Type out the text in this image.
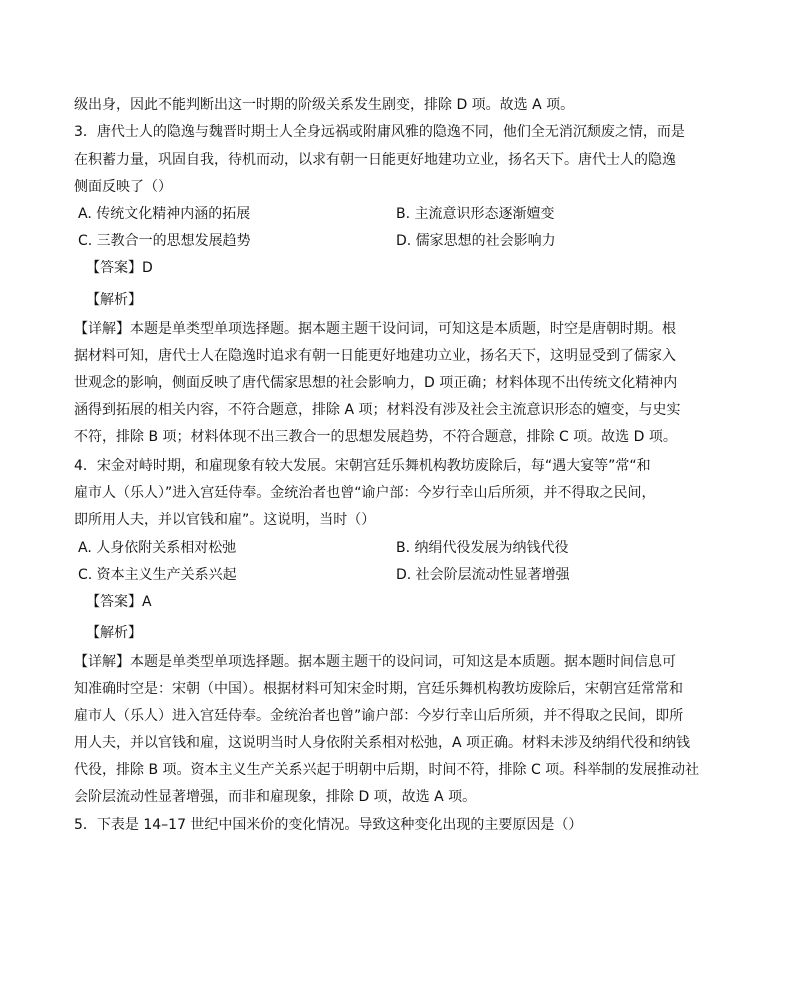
级出身，因此不能判断出这一时期的阶级关系发生剧变，排除 D 项。故选 A 项。
3．唐代士人的隐逸与魏晋时期士人全身远祸或附庸风雅的隐逸不同，他们全无消沉颓废之情，而是
在积蓄力量，巩固自我，待机而动，以求有朝一日能更好地建功立业，扬名天下。唐代士人的隐逸
侧面反映了（）
A. 传统文化精神内涵的拓展	B. 主流意识形态逐渐嬗变
C. 三教合一的思想发展趋势	D. 儒家思想的社会影响力
【答案】D
【解析】
【详解】本题是单类型单项选择题。据本题主题干设问词，可知这是本质题，时空是唐朝时期。根
据材料可知，唐代士人在隐逸时追求有朝一日能更好地建功立业，扬名天下，这明显受到了儒家入
世观念的影响，侧面反映了唐代儒家思想的社会影响力，D 项正确；材料体现不出传统文化精神内
涵得到拓展的相关内容，不符合题意，排除 A 项；材料没有涉及社会主流意识形态的嬗变，与史实
不符，排除 B 项；材料体现不出三教合一的思想发展趋势，不符合题意，排除 C 项。故选 D 项。
4．宋金对峙时期，和雇现象有较大发展。宋朝宫廷乐舞机构教坊废除后，每“遇大宴等”常“和
雇市人（乐人）”进入宫廷侍奉。金统治者也曾“谕户部：今岁行幸山后所须，并不得取之民间，
即所用人夫，并以官钱和雇”。这说明，当时（）
A. 人身依附关系相对松弛	B. 纳绢代役发展为纳钱代役
C. 资本主义生产关系兴起	D. 社会阶层流动性显著增强
【答案】A
【解析】
【详解】本题是单类型单项选择题。据本题主题干的设问词，可知这是本质题。据本题时间信息可
知准确时空是：宋朝（中国）。根据材料可知宋金时期，宫廷乐舞机构教坊废除后，宋朝宫廷常常和
雇市人（乐人）进入宫廷侍奉。金统治者也曾”谕户部：今岁行幸山后所须，并不得取之民间，即所
用人夫，并以官钱和雇，这说明当时人身依附关系相对松弛，A 项正确。材料未涉及纳绢代役和纳钱
代役，排除 B 项。资本主义生产关系兴起于明朝中后期，时间不符，排除 C 项。科举制的发展推动社
会阶层流动性显著增强，而非和雇现象，排除 D 项，故选 A 项。
5．下表是 14–17 世纪中国米价的变化情况。导致这种变化出现的主要原因是（）
